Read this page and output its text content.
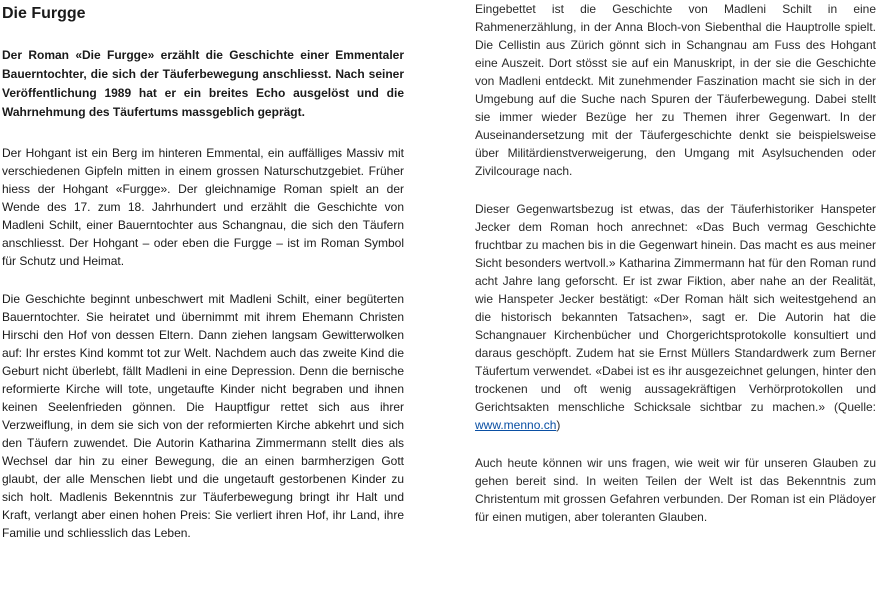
Die Furgge
Der Roman «Die Furgge» erzählt die Geschichte einer Emmentaler Bauerntochter, die sich der Täuferbewegung anschliesst. Nach seiner Veröffentlichung 1989 hat er ein breites Echo ausgelöst und die Wahrnehmung des Täufertums massgeblich geprägt.

Der Hohgant ist ein Berg im hinteren Emmental, ein auffälliges Massiv mit verschiedenen Gipfeln mitten in einem grossen Naturschutzgebiet. Früher hiess der Hohgant «Furgge». Der gleichnamige Roman spielt an der Wende des 17. zum 18. Jahrhundert und erzählt die Geschichte von Madleni Schilt, einer Bauerntochter aus Schangnau, die sich den Täufern anschliesst. Der Hohgant – oder eben die Furgge – ist im Roman Symbol für Schutz und Heimat.

Die Geschichte beginnt unbeschwert mit Madleni Schilt, einer begüterten Bauerntochter. Sie heiratet und übernimmt mit ihrem Ehemann Christen Hirschi den Hof von dessen Eltern. Dann ziehen langsam Gewitterwolken auf: Ihr erstes Kind kommt tot zur Welt. Nachdem auch das zweite Kind die Geburt nicht überlebt, fällt Madleni in eine Depression. Denn die bernische reformierte Kirche will tote, ungetaufte Kinder nicht begraben und ihnen keinen Seelenfrieden gönnen. Die Hauptfigur rettet sich aus ihrer Verzweiflung, in dem sie sich von der reformierten Kirche abkehrt und sich den Täufern zuwendet. Die Autorin Katharina Zimmermann stellt dies als Wechsel dar hin zu einer Bewegung, die an einen barmherzigen Gott glaubt, der alle Menschen liebt und die ungetauft gestorbenen Kinder zu sich holt. Madlenis Bekenntnis zur Täuferbewegung bringt ihr Halt und Kraft, verlangt aber einen hohen Preis: Sie verliert ihren Hof, ihr Land, ihre Familie und schliesslich das Leben.

Eingebettet ist die Geschichte von Madleni Schilt in eine Rahmenerzählung, in der Anna Bloch-von Siebenthal die Hauptrolle spielt. Die Cellistin aus Zürich gönnt sich in Schangnau am Fuss des Hohgant eine Auszeit. Dort stösst sie auf ein Manuskript, in der sie die Geschichte von Madleni entdeckt. Mit zunehmender Faszination macht sie sich in der Umgebung auf die Suche nach Spuren der Täuferbewegung. Dabei stellt sie immer wieder Bezüge her zu Themen ihrer Gegenwart. In der Auseinandersetzung mit der Täufergeschichte denkt sie beispielsweise über Militärdienstverweigerung, den Umgang mit Asylsuchenden oder Zivilcourage nach.

Dieser Gegenwartsbezug ist etwas, das der Täuferhistoriker Hanspeter Jecker dem Roman hoch anrechnet: «Das Buch vermag Geschichte fruchtbar zu machen bis in die Gegenwart hinein. Das macht es aus meiner Sicht besonders wertvoll.» Katharina Zimmermann hat für den Roman rund acht Jahre lang geforscht. Er ist zwar Fiktion, aber nahe an der Realität, wie Hanspeter Jecker bestätigt: «Der Roman hält sich weitestgehend an die historisch bekannten Tatsachen», sagt er. Die Autorin hat die Schangnauer Kirchenbücher und Chorgerichtsprotokolle konsultiert und daraus geschöpft. Zudem hat sie Ernst Müllers Standardwerk zum Berner Täufertum verwendet. «Dabei ist es ihr ausgezeichnet gelungen, hinter den trockenen und oft wenig aussagekräftigen Verhörprotokollen und Gerichtsakten menschliche Schicksale sichtbar zu machen.» (Quelle: www.menno.ch)

Auch heute können wir uns fragen, wie weit wir für unseren Glauben zu gehen bereit sind. In weiten Teilen der Welt ist das Bekenntnis zum Christentum mit grossen Gefahren verbunden. Der Roman ist ein Plädoyer für einen mutigen, aber toleranten Glauben.
